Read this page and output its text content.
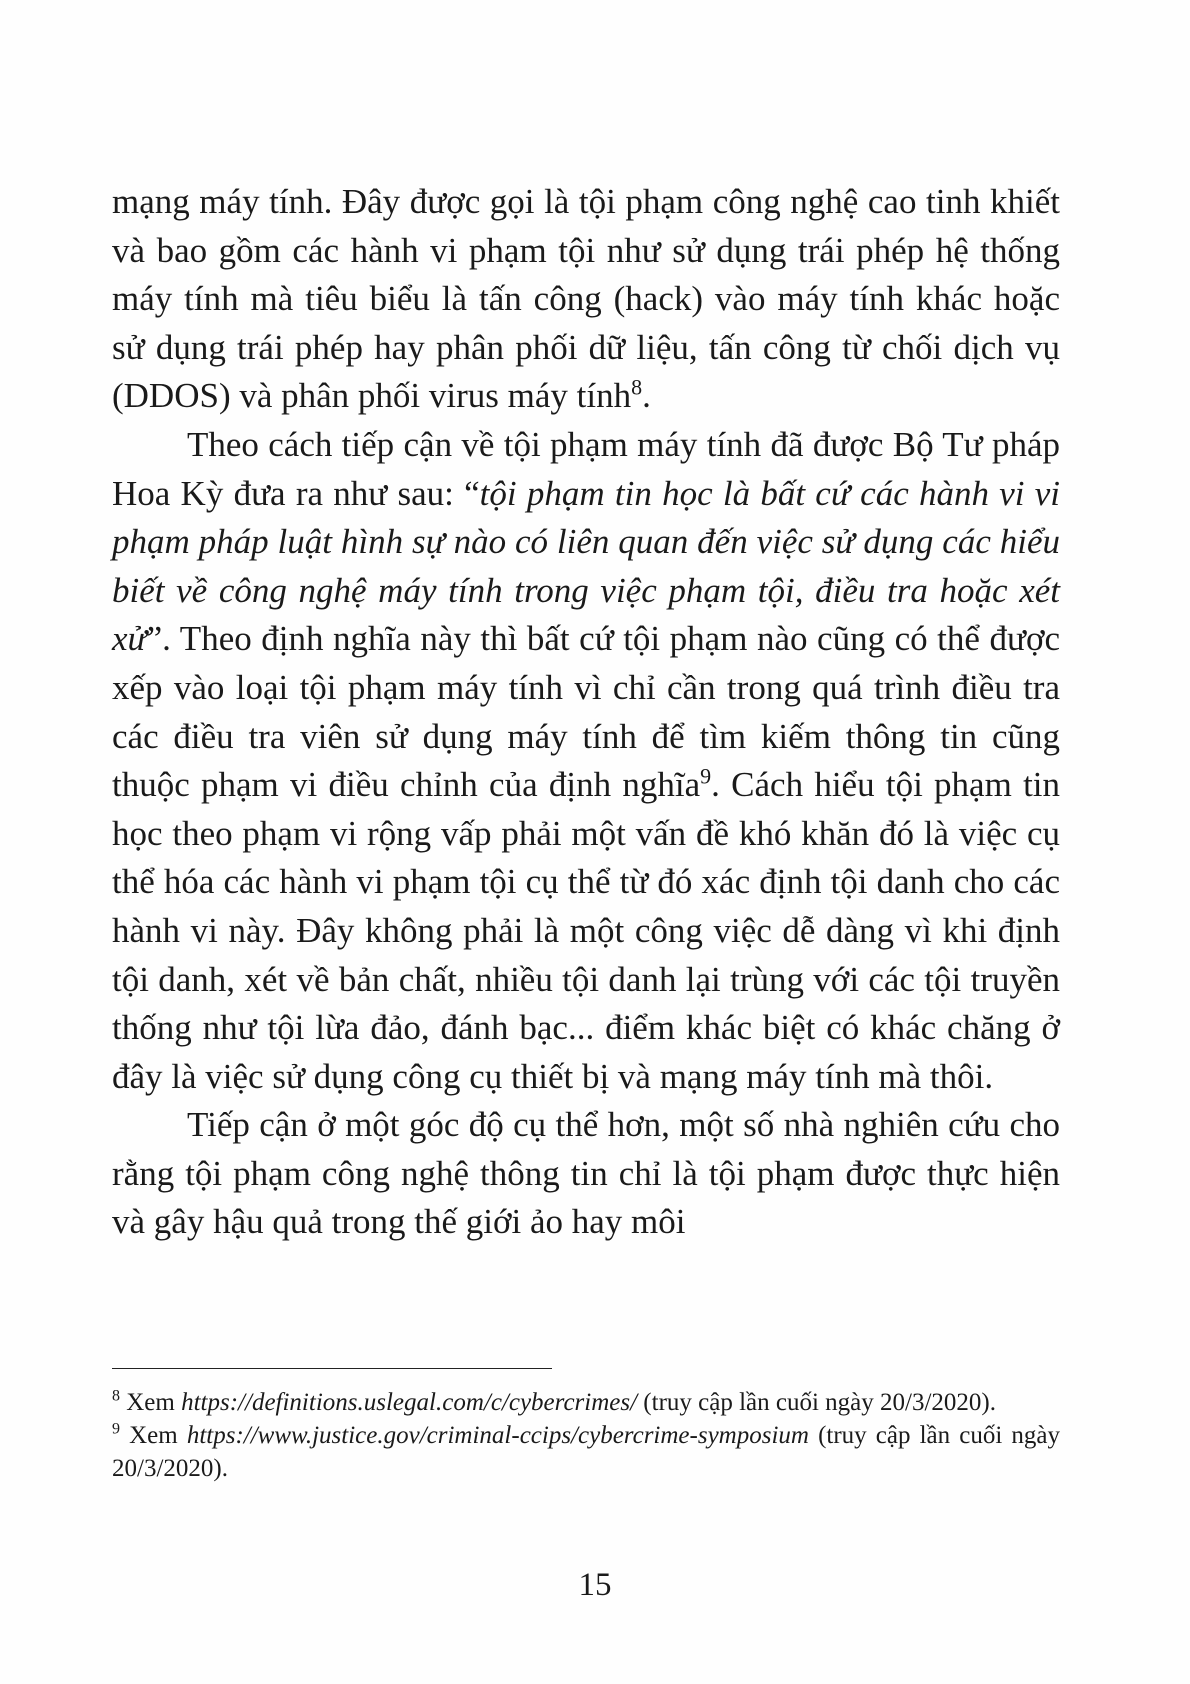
mạng máy tính. Đây được gọi là tội phạm công nghệ cao tinh khiết và bao gồm các hành vi phạm tội như sử dụng trái phép hệ thống máy tính mà tiêu biểu là tấn công (hack) vào máy tính khác hoặc sử dụng trái phép hay phân phối dữ liệu, tấn công từ chối dịch vụ (DDOS) và phân phối virus máy tính$^8$.

Theo cách tiếp cận về tội phạm máy tính đã được Bộ Tư pháp Hoa Kỳ đưa ra như sau: “tội phạm tin học là bất cứ các hành vi vi phạm pháp luật hình sự nào có liên quan đến việc sử dụng các hiểu biết về công nghệ máy tính trong việc phạm tội, điều tra hoặc xét xử”. Theo định nghĩa này thì bất cứ tội phạm nào cũng có thể được xếp vào loại tội phạm máy tính vì chỉ cần trong quá trình điều tra các điều tra viên sử dụng máy tính để tìm kiếm thông tin cũng thuộc phạm vi điều chỉnh của định nghĩa$^9$. Cách hiểu tội phạm tin học theo phạm vi rộng vấp phải một vấn đề khó khăn đó là việc cụ thể hóa các hành vi phạm tội cụ thể từ đó xác định tội danh cho các hành vi này. Đây không phải là một công việc dễ dàng vì khi định tội danh, xét về bản chất, nhiều tội danh lại trùng với các tội truyền thống như tội lừa đảo, đánh bạc... điểm khác biệt có khác chăng ở đây là việc sử dụng công cụ thiết bị và mạng máy tính mà thôi.

Tiếp cận ở một góc độ cụ thể hơn, một số nhà nghiên cứu cho rằng tội phạm công nghệ thông tin chỉ là tội phạm được thực hiện và gây hậu quả trong thế giới ảo hay môi

$^8$ Xem https://definitions.uslegal.com/c/cybercrimes/ (truy cập lần cuối ngày 20/3/2020).

$^9$ Xem https://www.justice.gov/criminal-ccips/cybercrime-symposium (truy cập lần cuối ngày 20/3/2020).

15
